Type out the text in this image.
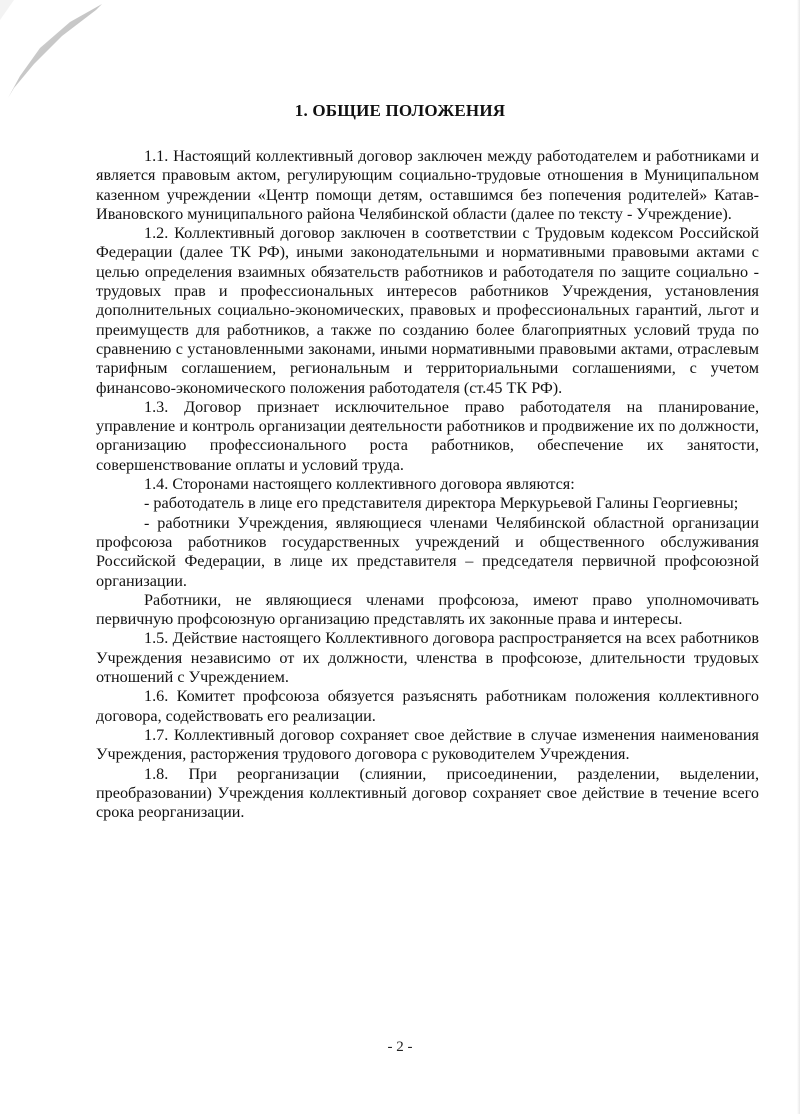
1. ОБЩИЕ ПОЛОЖЕНИЯ

1.1. Настоящий коллективный договор заключен между работодателем и работниками и является правовым актом, регулирующим социально-трудовые отношения в Муниципальном казенном учреждении «Центр помощи детям, оставшимся без попечения родителей» Катав-Ивановского муниципального района Челябинской области (далее по тексту - Учреждение).

1.2. Коллективный договор заключен в соответствии с Трудовым кодексом Российской Федерации (далее ТК РФ), иными законодательными и нормативными правовыми актами с целью определения взаимных обязательств работников и работодателя по защите социально - трудовых прав и профессиональных интересов работников Учреждения, установления дополнительных социально-экономических, правовых и профессиональных гарантий, льгот и преимуществ для работников, а также по созданию более благоприятных условий труда по сравнению с установленными законами, иными нормативными правовыми актами, отраслевым тарифным соглашением, региональным и территориальными соглашениями, с учетом финансово-экономического положения работодателя (ст.45 ТК РФ).

1.3. Договор признает исключительное право работодателя на планирование, управление и контроль организации деятельности работников и продвижение их по должности, организацию профессионального роста работников, обеспечение их занятости, совершенствование оплаты и условий труда.

1.4. Сторонами настоящего коллективного договора являются:

- работодатель в лице его представителя директора Меркурьевой Галины Георгиевны;

- работники Учреждения, являющиеся членами Челябинской областной организации профсоюза работников государственных учреждений и общественного обслуживания Российской Федерации, в лице их представителя – председателя первичной профсоюзной организации.

Работники, не являющиеся членами профсоюза, имеют право уполномочивать первичную профсоюзную организацию представлять их законные права и интересы.

1.5. Действие настоящего Коллективного договора распространяется на всех работников Учреждения независимо от их должности, членства в профсоюзе, длительности трудовых отношений с Учреждением.

1.6. Комитет профсоюза обязуется разъяснять работникам положения коллективного договора, содействовать его реализации.

1.7. Коллективный договор сохраняет свое действие в случае изменения наименования Учреждения, расторжения трудового договора с руководителем Учреждения.

1.8. При реорганизации (слиянии, присоединении, разделении, выделении, преобразовании) Учреждения коллективный договор сохраняет свое действие в течение всего срока реорганизации.

- 2 -
